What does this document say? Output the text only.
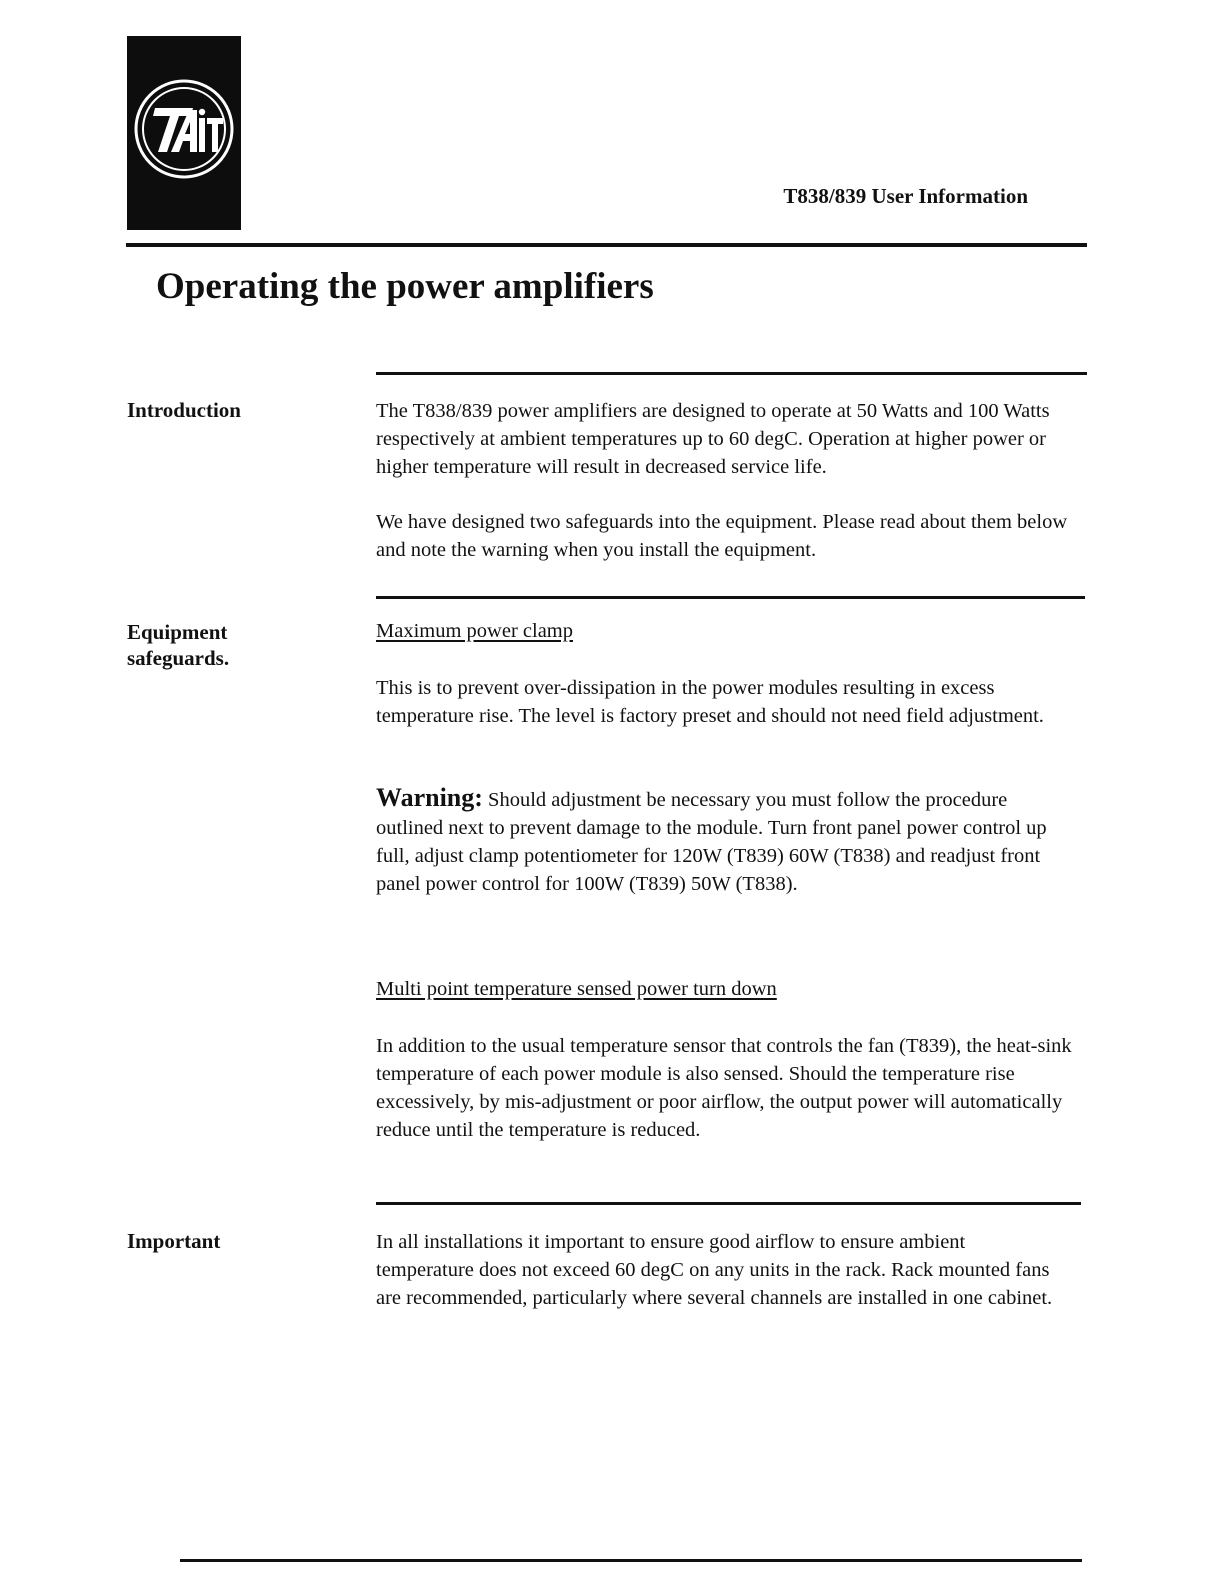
TAIT
T838/839 User Information
Operating the power amplifiers
Introduction	The T838/839 power amplifiers are designed to operate at 50 Watts and 100 Watts respectively at ambient temperatures up to 60 degC. Operation at higher power or higher temperature will result in decreased service life.

We have designed two safeguards into the equipment. Please read about them below and note the warning when you install the equipment.

Equipment
safeguards.
Maximum power clamp

This is to prevent over-dissipation in the power modules resulting in excess temperature rise. The level is factory preset and should not need field adjustment.

Warning: Should adjustment be necessary you must follow the procedure outlined next to prevent damage to the module. Turn front panel power control up full, adjust clamp potentiometer for 120W (T839) 60W (T838) and readjust front panel power control for 100W (T839) 50W (T838).

Multi point temperature sensed power turn down

In addition to the usual temperature sensor that controls the fan (T839), the heat-sink temperature of each power module is also sensed. Should the temperature rise excessively, by mis-adjustment or poor airflow, the output power will automatically reduce until the temperature is reduced.

Important	In all installations it important to ensure good airflow to ensure ambient temperature does not exceed 60 degC on any units in the rack. Rack mounted fans are recommended, particularly where several channels are installed in one cabinet.
